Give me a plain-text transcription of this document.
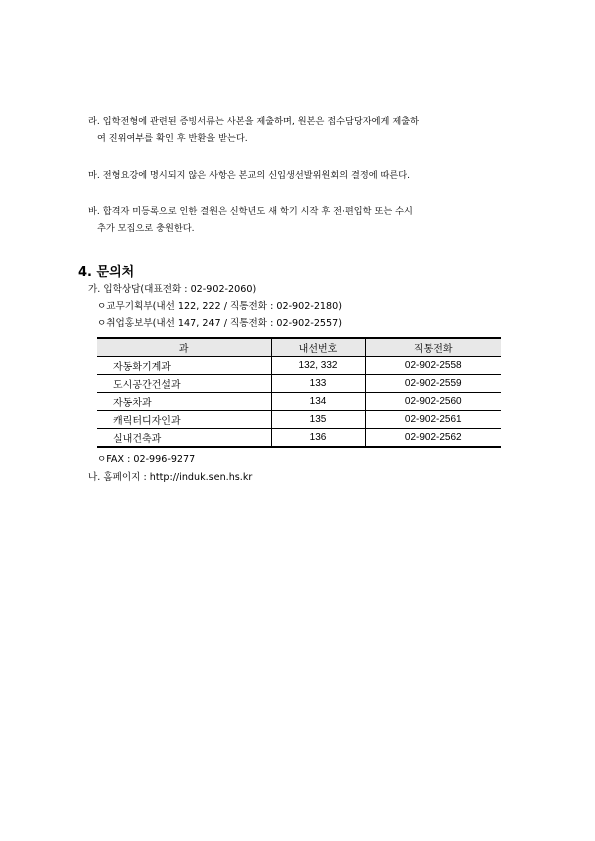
라. 입학전형에 관련된 증빙서류는 사본을 제출하며, 원본은 접수담당자에게 제출하
여 진위여부를 확인 후 반환을 받는다.
마. 전형요강에 명시되지 않은 사항은 본교의 신입생선발위원회의 결정에 따른다.
바. 합격자 미등록으로 인한 결원은 신학년도 새 학기 시작 후 전·편입학 또는 수시
추가 모집으로 충원한다.
4. 문의처
가. 입학상담(대표전화 : 02-902-2060)
ㅇ교무기획부(내선 122, 222 / 직통전화 : 02-902-2180)
ㅇ취업홍보부(내선 147, 247 / 직통전화 : 02-902-2557)
과	내선번호	직통전화
자동화기계과	132, 332	02-902-2558
도시공간건설과	133	02-902-2559
자동차과	134	02-902-2560
캐릭터디자인과	135	02-902-2561
실내건축과	136	02-902-2562
ㅇFAX : 02-996-9277
나. 홈페이지 : http://induk.sen.hs.kr
